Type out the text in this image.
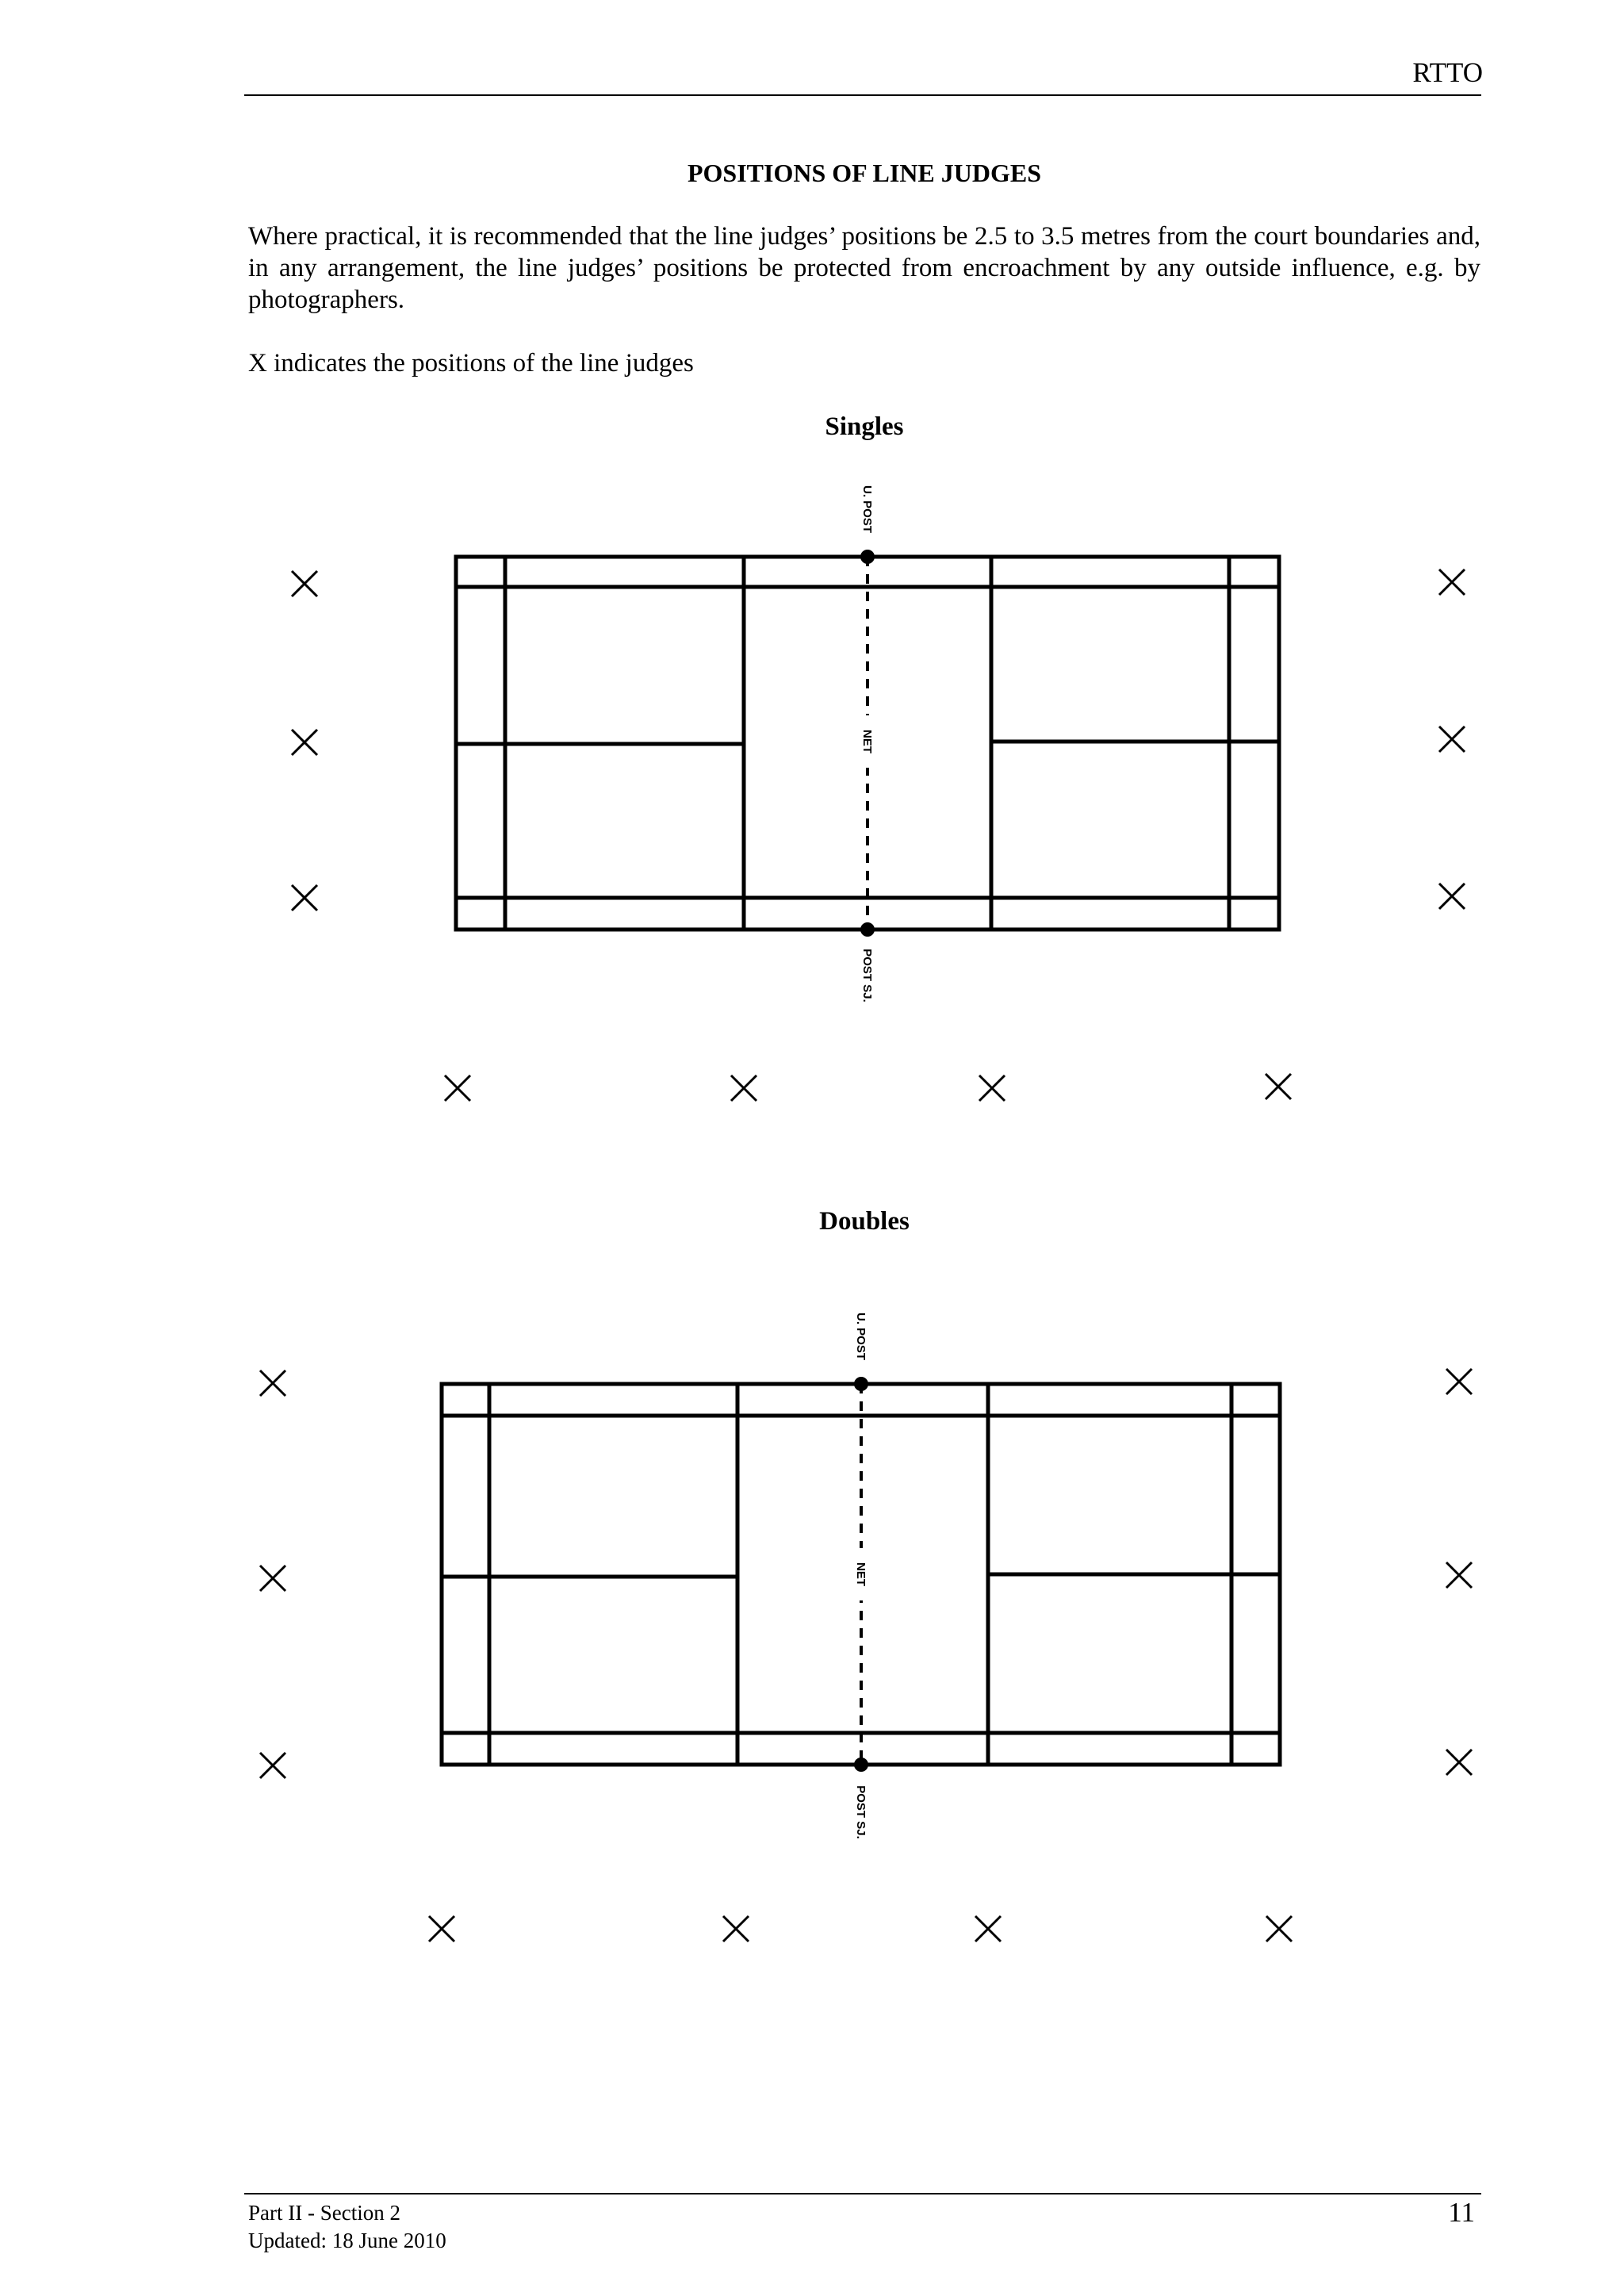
RTTO
POSITIONS OF LINE JUDGES

Where practical, it is recommended that the line judges’ positions be 2.5 to 3.5 metres from the court boundaries and, in any arrangement, the line judges’ positions be protected from encroachment by any outside influence, e.g. by photographers.

X indicates the positions of the line judges

Singles
U. POST
NET
POST SJ.
Doubles
U. POST
NET
POST SJ.
Part II - Section 2
Updated: 18 June 2010
11
